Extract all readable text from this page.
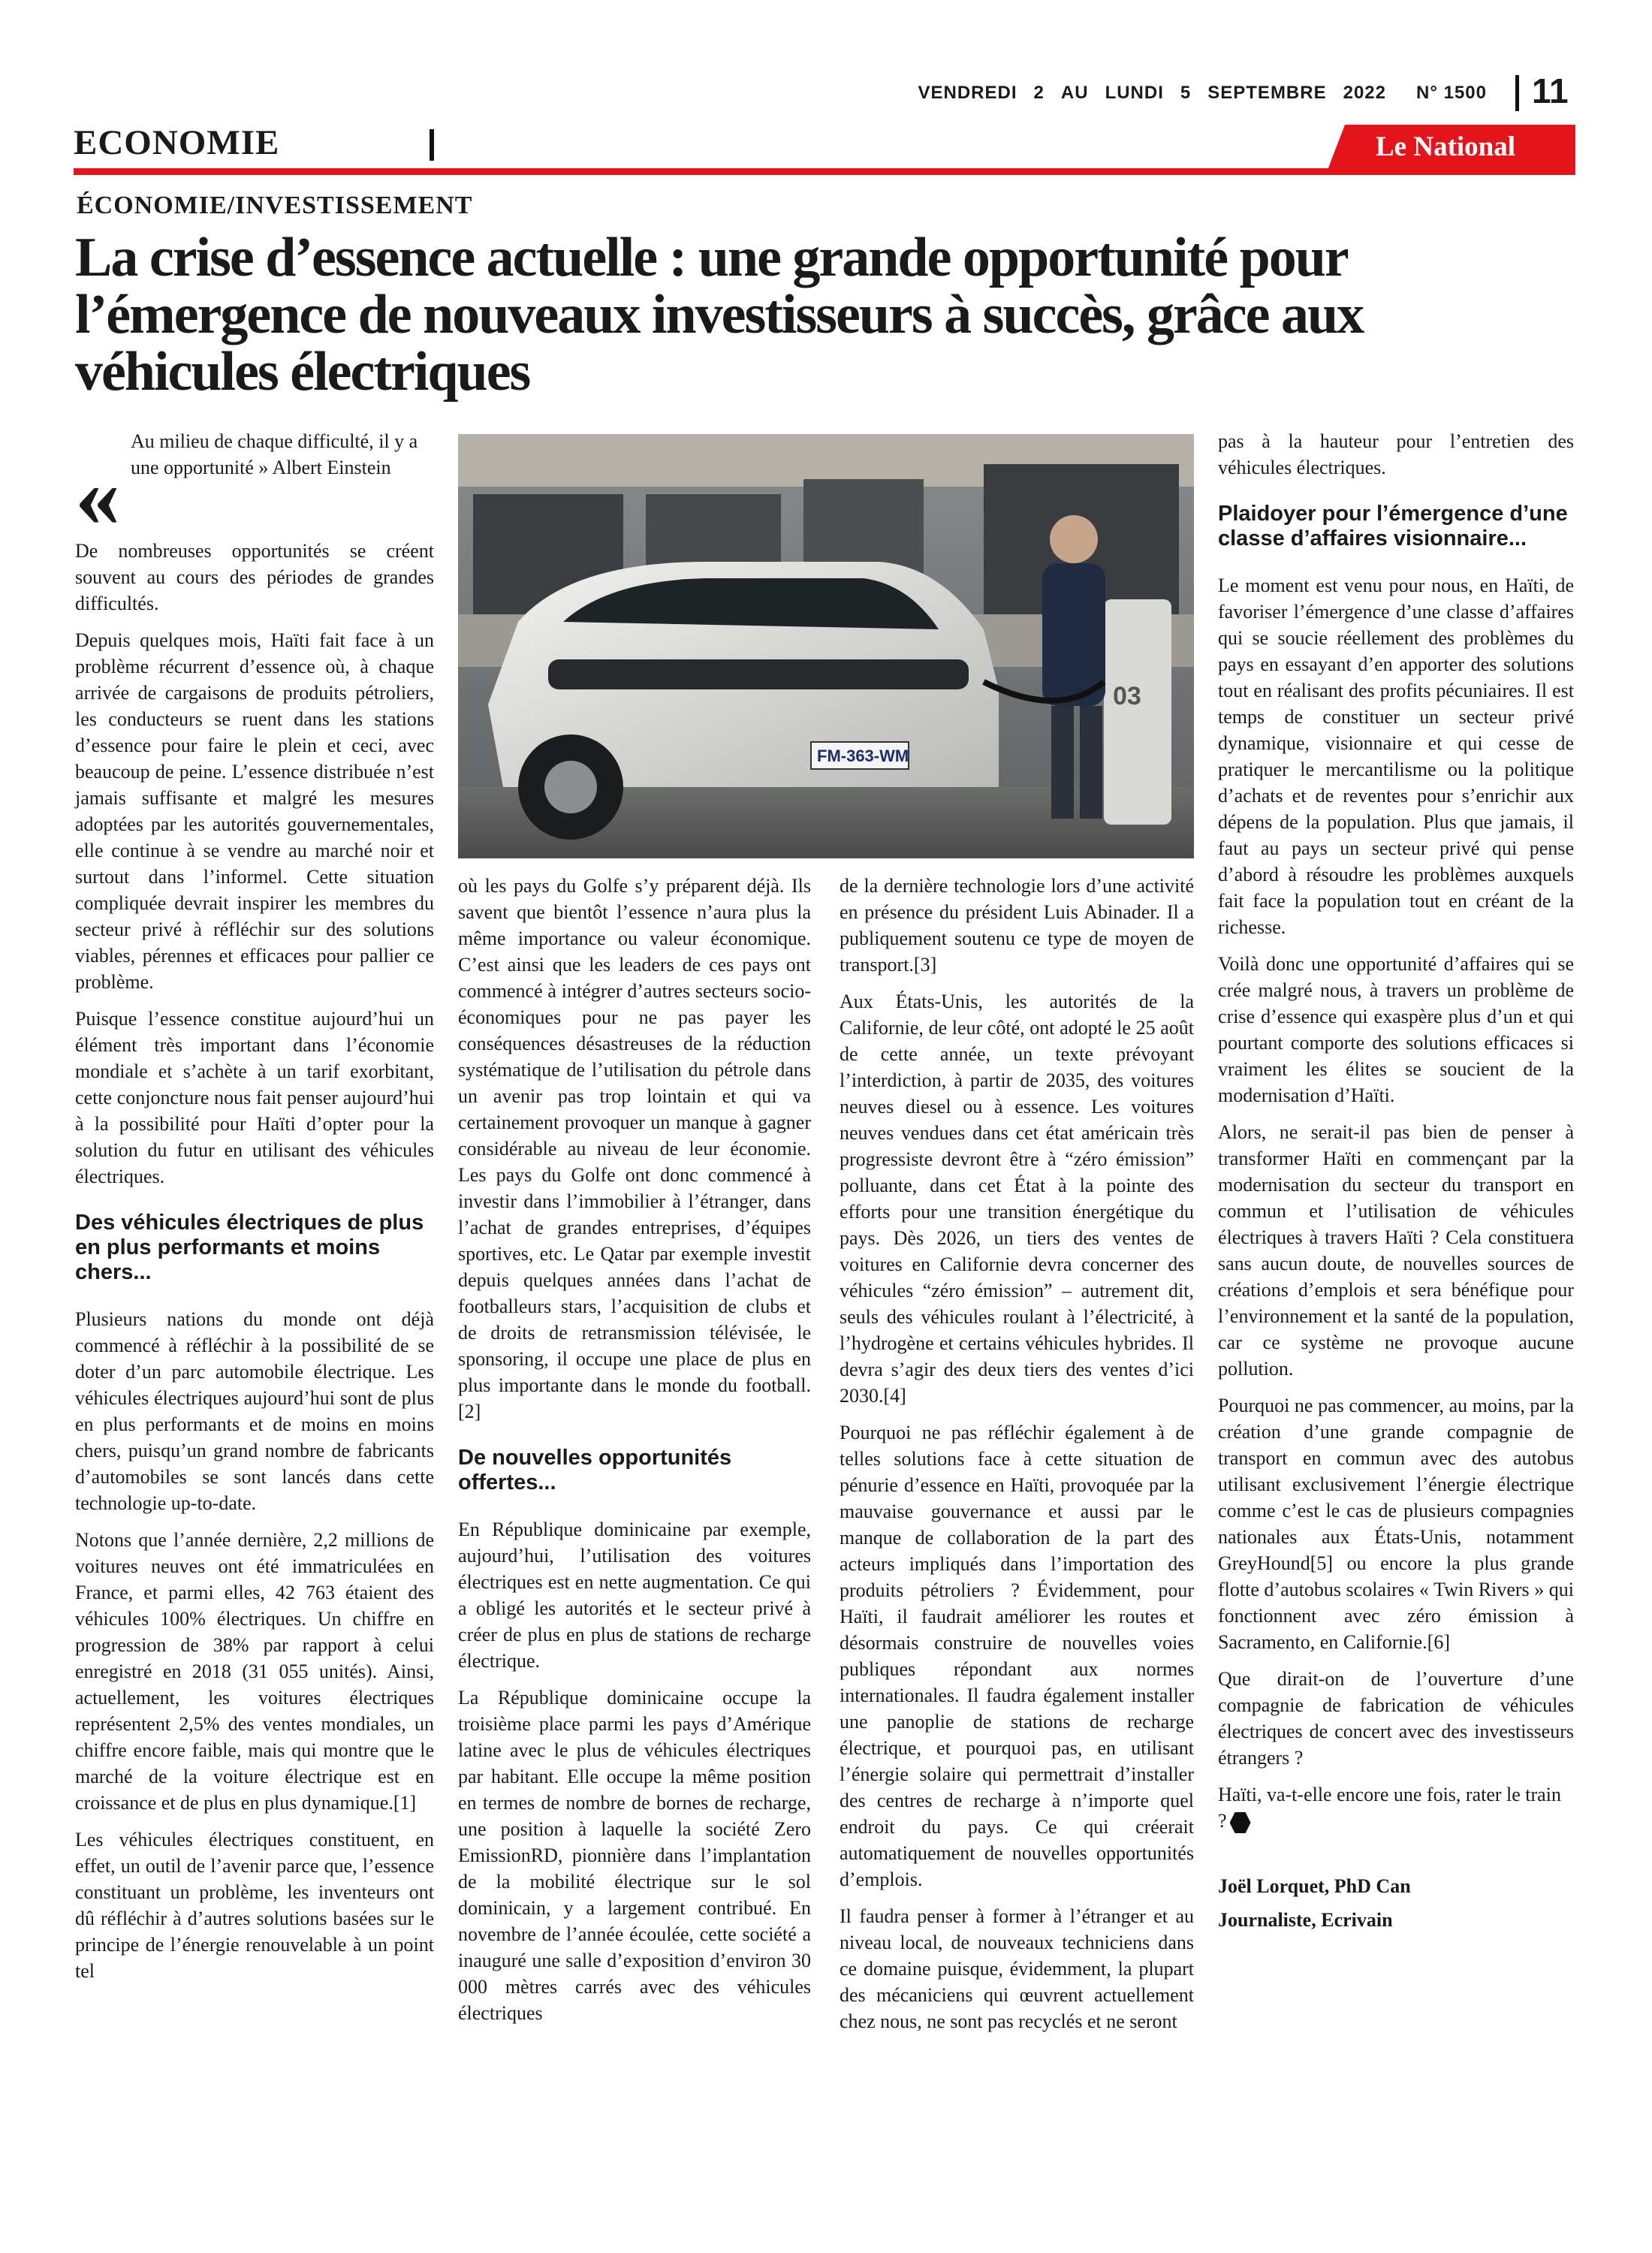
VENDREDI 2 AU LUNDI 5 SEPTEMBRE 2022 N° 1500 11
ECONOMIE	Le National
ÉCONOMIE/INVESTISSEMENT
La crise d’essence actuelle : une grande opportunité pour l’émergence de nouveaux investisseurs à succès, grâce aux véhicules électriques
«

Au milieu de chaque difficulté, il y a une opportunité » Albert Einstein

De nombreuses opportunités se créent souvent au cours des périodes de grandes difficultés.

Depuis quelques mois, Haïti fait face à un problème récurrent d’essence où, à chaque arrivée de cargaisons de produits pétroliers, les conducteurs se ruent dans les stations d’essence pour faire le plein et ceci, avec beaucoup de peine. L’essence distribuée n’est jamais suffisante et malgré les mesures adoptées par les autorités gouvernementales, elle continue à se vendre au marché noir et surtout dans l’informel. Cette situation compliquée devrait inspirer les membres du secteur privé à réfléchir sur des solutions viables, pérennes et efficaces pour pallier ce problème.

Puisque l’essence constitue aujourd’hui un élément très important dans l’économie mondiale et s’achète à un tarif exorbitant, cette conjoncture nous fait penser aujourd’hui à la possibilité pour Haïti d’opter pour la solution du futur en utilisant des véhicules électriques.

Des véhicules électriques de plus en plus performants et moins chers...

Plusieurs nations du monde ont déjà commencé à réfléchir à la possibilité de se doter d’un parc automobile électrique. Les véhicules électriques aujourd’hui sont de plus en plus performants et de moins en moins chers, puisqu’un grand nombre de fabricants d’automobiles se sont lancés dans cette technologie up-to-date.

Notons que l’année dernière, 2,2 millions de voitures neuves ont été immatriculées en France, et parmi elles, 42 763 étaient des véhicules 100% électriques. Un chiffre en progression de 38% par rapport à celui enregistré en 2018 (31 055 unités). Ainsi, actuellement, les voitures électriques représentent 2,5% des ventes mondiales, un chiffre encore faible, mais qui montre que le marché de la voiture électrique est en croissance et de plus en plus dynamique.[1]

Les véhicules électriques constituent, en effet, un outil de l’avenir parce que, l’essence constituant un problème, les inventeurs ont dû réfléchir à d’autres solutions basées sur le principe de l’énergie renouvelable à un point tel

03
FM-363-WM

où les pays du Golfe s’y préparent déjà. Ils savent que bientôt l’essence n’aura plus la même importance ou valeur économique. C’est ainsi que les leaders de ces pays ont commencé à intégrer d’autres secteurs socio-économiques pour ne pas payer les conséquences désastreuses de la réduction systématique de l’utilisation du pétrole dans un avenir pas trop lointain et qui va certainement provoquer un manque à gagner considérable au niveau de leur économie. Les pays du Golfe ont donc commencé à investir dans l’immobilier à l’étranger, dans l’achat de grandes entreprises, d’équipes sportives, etc. Le Qatar par exemple investit depuis quelques années dans l’achat de footballeurs stars, l’acquisition de clubs et de droits de retransmission télévisée, le sponsoring, il occupe une place de plus en plus importante dans le monde du football.[2]

De nouvelles opportunités offertes...

En République dominicaine par exemple, aujourd’hui, l’utilisation des voitures électriques est en nette augmentation. Ce qui a obligé les autorités et le secteur privé à créer de plus en plus de stations de recharge électrique.

La République dominicaine occupe la troisième place parmi les pays d’Amérique latine avec le plus de véhicules électriques par habitant. Elle occupe la même position en termes de nombre de bornes de recharge, une position à laquelle la société Zero EmissionRD, pionnière dans l’implantation de la mobilité électrique sur le sol dominicain, y a largement contribué. En novembre de l’année écoulée, cette société a inauguré une salle d’exposition d’environ 30 000 mètres carrés avec des véhicules électriques

de la dernière technologie lors d’une activité en présence du président Luis Abinader. Il a publiquement soutenu ce type de moyen de transport.[3]

Aux États-Unis, les autorités de la Californie, de leur côté, ont adopté le 25 août de cette année, un texte prévoyant l’interdiction, à partir de 2035, des voitures neuves diesel ou à essence. Les voitures neuves vendues dans cet état américain très progressiste devront être à “zéro émission” polluante, dans cet État à la pointe des efforts pour une transition énergétique du pays. Dès 2026, un tiers des ventes de voitures en Californie devra concerner des véhicules “zéro émission” – autrement dit, seuls des véhicules roulant à l’électricité, à l’hydrogène et certains véhicules hybrides. Il devra s’agir des deux tiers des ventes d’ici 2030.[4]

Pourquoi ne pas réfléchir également à de telles solutions face à cette situation de pénurie d’essence en Haïti, provoquée par la mauvaise gouvernance et aussi par le manque de collaboration de la part des acteurs impliqués dans l’importation des produits pétroliers ? Évidemment, pour Haïti, il faudrait améliorer les routes et désormais construire de nouvelles voies publiques répondant aux normes internationales. Il faudra également installer une panoplie de stations de recharge électrique, et pourquoi pas, en utilisant l’énergie solaire qui permettrait d’installer des centres de recharge à n’importe quel endroit du pays. Ce qui créerait automatiquement de nouvelles opportunités d’emplois.

Il faudra penser à former à l’étranger et au niveau local, de nouveaux techniciens dans ce domaine puisque, évidemment, la plupart des mécaniciens qui œuvrent actuellement chez nous, ne sont pas recyclés et ne seront

pas à la hauteur pour l’entretien des véhicules électriques.

Plaidoyer pour l’émergence d’une classe d’affaires visionnaire...

Le moment est venu pour nous, en Haïti, de favoriser l’émergence d’une classe d’affaires qui se soucie réellement des problèmes du pays en essayant d’en apporter des solutions tout en réalisant des profits pécuniaires. Il est temps de constituer un secteur privé dynamique, visionnaire et qui cesse de pratiquer le mercantilisme ou la politique d’achats et de reventes pour s’enrichir aux dépens de la population. Plus que jamais, il faut au pays un secteur privé qui pense d’abord à résoudre les problèmes auxquels fait face la population tout en créant de la richesse.

Voilà donc une opportunité d’affaires qui se crée malgré nous, à travers un problème de crise d’essence qui exaspère plus d’un et qui pourtant comporte des solutions efficaces si vraiment les élites se soucient de la modernisation d’Haïti.

Alors, ne serait-il pas bien de penser à transformer Haïti en commençant par la modernisation du secteur du transport en commun et l’utilisation de véhicules électriques à travers Haïti ? Cela constituera sans aucun doute, de nouvelles sources de créations d’emplois et sera bénéfique pour l’environnement et la santé de la population, car ce système ne provoque aucune pollution.

Pourquoi ne pas commencer, au moins, par la création d’une grande compagnie de transport en commun avec des autobus utilisant exclusivement l’énergie électrique comme c’est le cas de plusieurs compagnies nationales aux États-Unis, notamment GreyHound[5] ou encore la plus grande flotte d’autobus scolaires « Twin Rivers » qui fonctionnent avec zéro émission à Sacramento, en Californie.[6]

Que dirait-on de l’ouverture d’une compagnie de fabrication de véhicules électriques de concert avec des investisseurs étrangers ?

Haïti, va-t-elle encore une fois, rater le train ?

Joël Lorquet, PhD Can

Journaliste, Ecrivain
